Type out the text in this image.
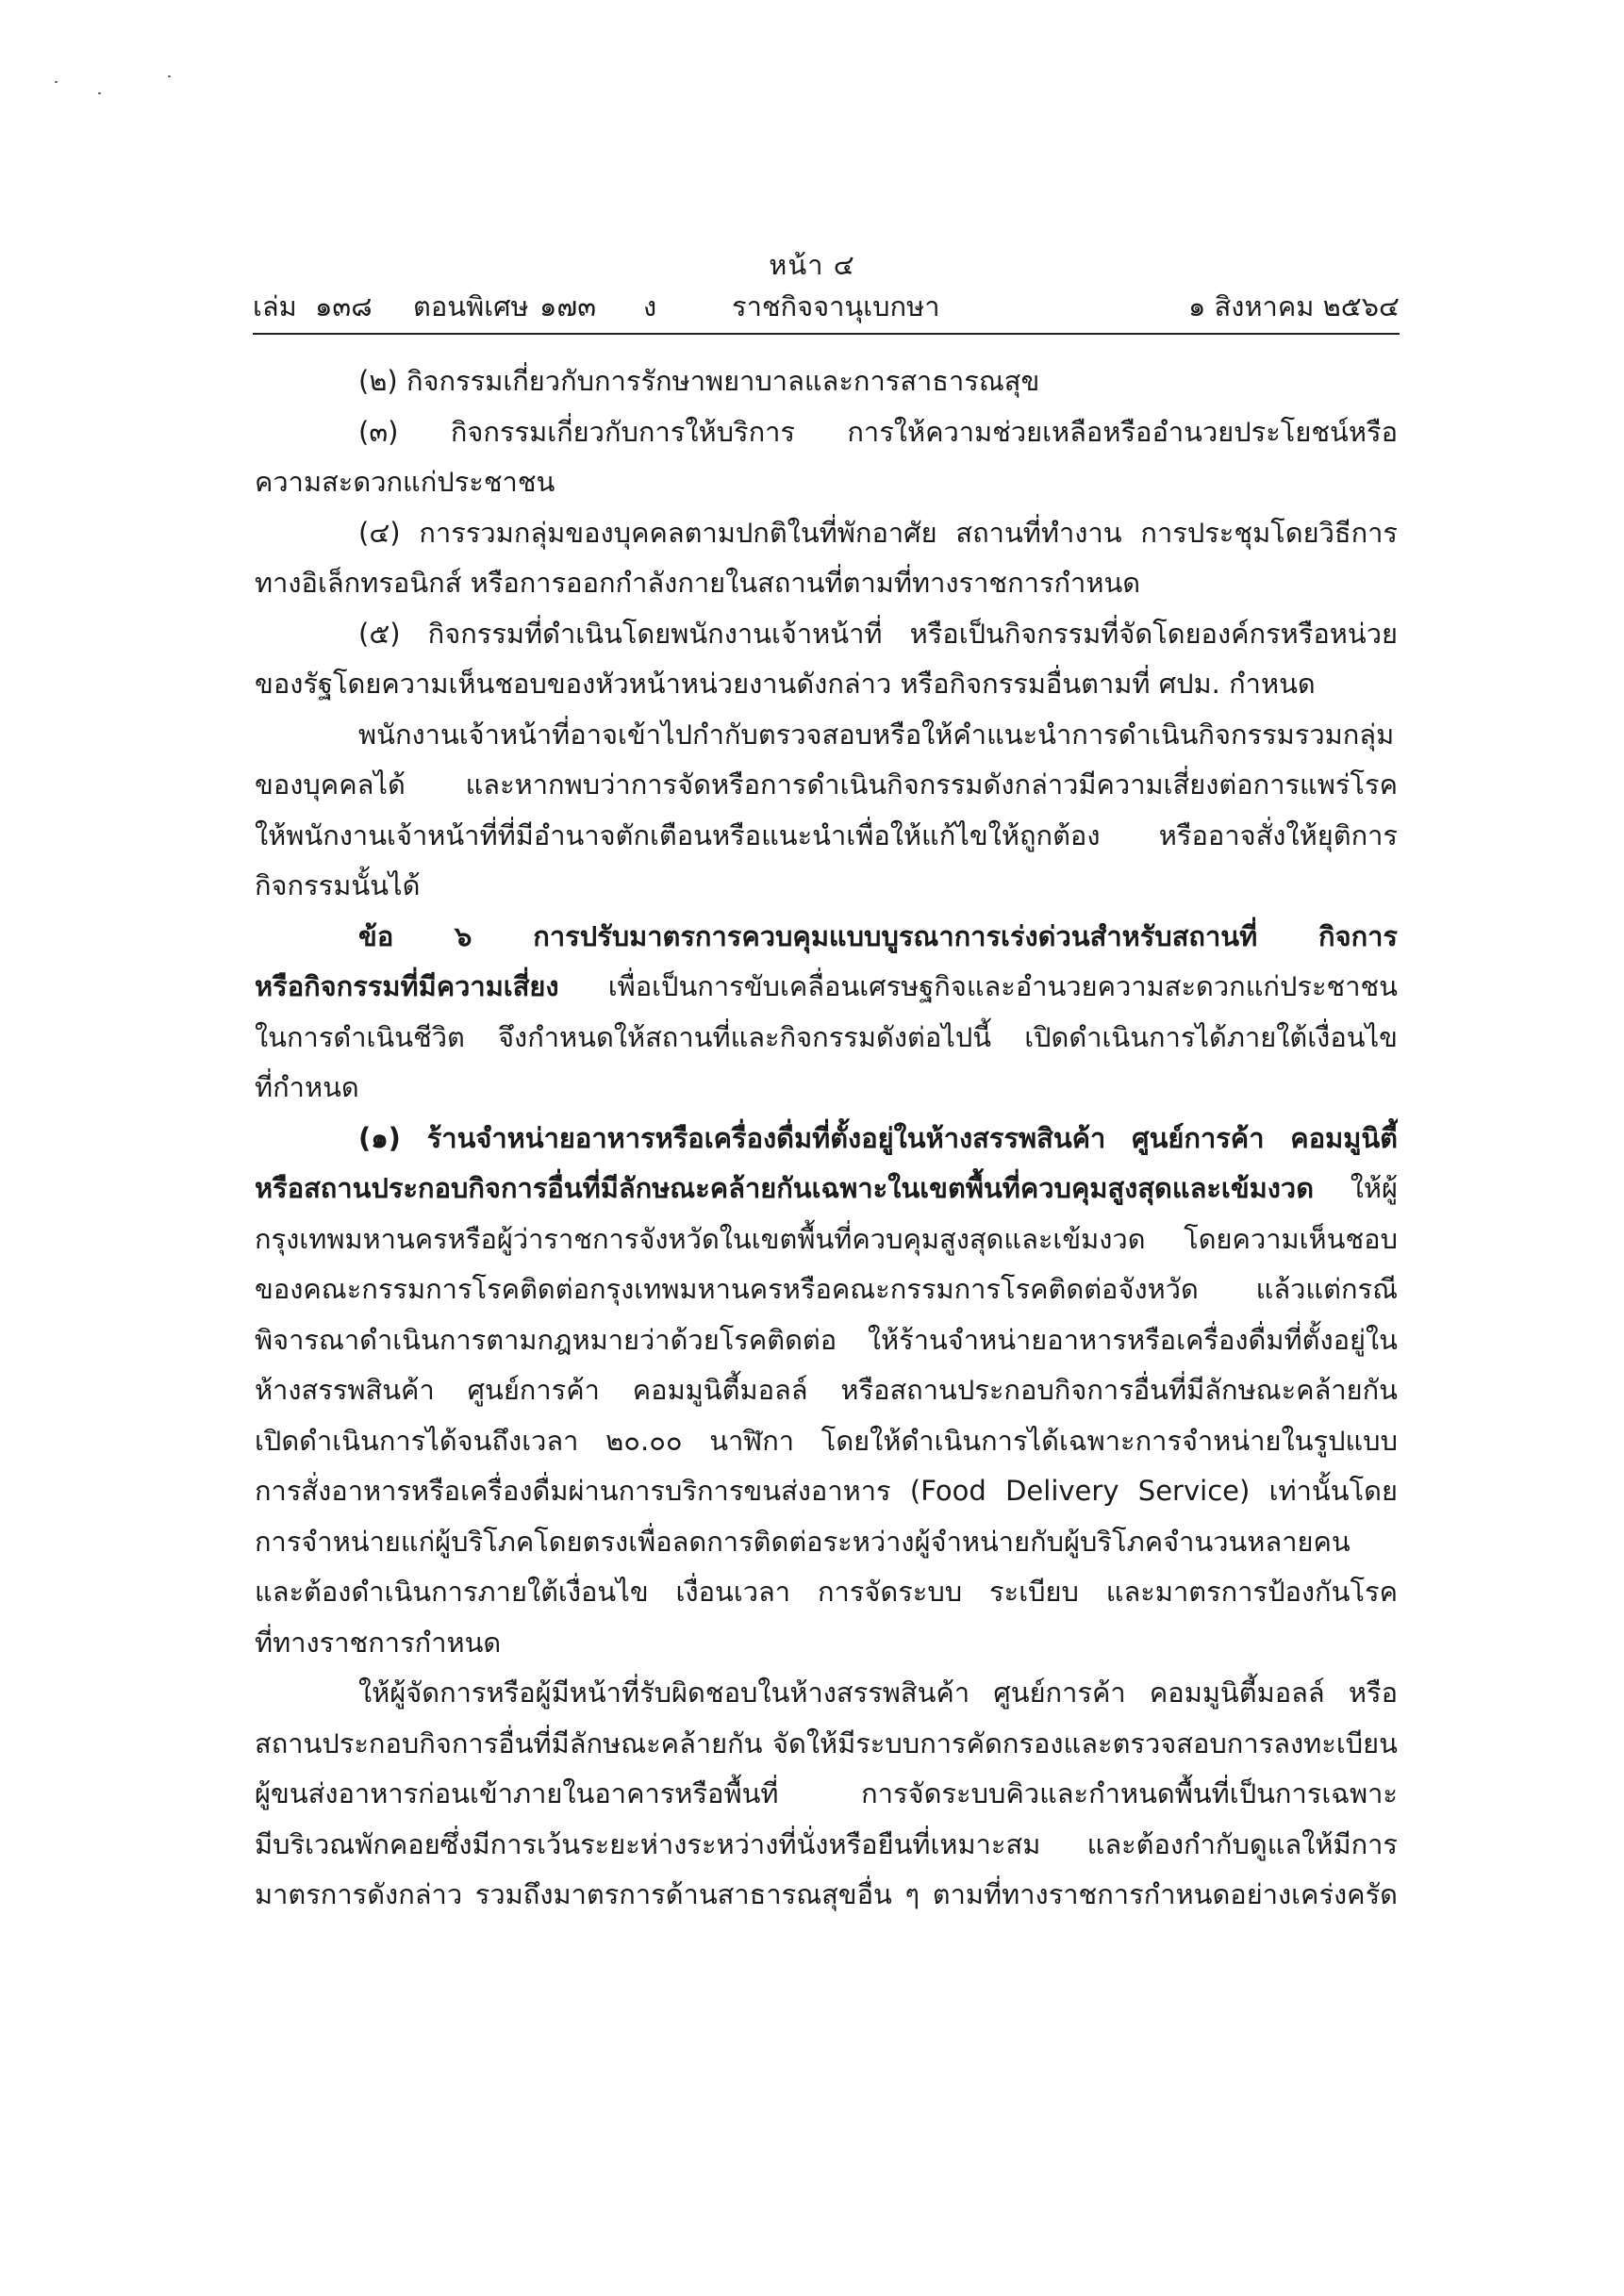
หน้า ๔
เล่ม ๑๓๘ ตอนพิเศษ ๑๗๓ ง	ราชกิจจานุเบกษา	๑ สิงหาคม ๒๕๖๔
(๒) กิจกรรมเกี่ยวกับการรักษาพยาบาลและการสาธารณสุข
(๓) กิจกรรมเกี่ยวกับการให้บริการ การให้ความช่วยเหลือหรืออำนวยประโยชน์หรือ
ความสะดวกแก่ประชาชน
(๔) การรวมกลุ่มของบุคคลตามปกติในที่พักอาศัย สถานที่ทำงาน การประชุมโดยวิธีการ
ทางอิเล็กทรอนิกส์ หรือการออกกำลังกายในสถานที่ตามที่ทางราชการกำหนด
(๕) กิจกรรมที่ดำเนินโดยพนักงานเจ้าหน้าที่ หรือเป็นกิจกรรมที่จัดโดยองค์กรหรือหน่วย
ของรัฐโดยความเห็นชอบของหัวหน้าหน่วยงานดังกล่าว หรือกิจกรรมอื่นตามที่ ศปม. กำหนด
พนักงานเจ้าหน้าที่อาจเข้าไปกำกับตรวจสอบหรือให้คำแนะนำการดำเนินกิจกรรมรวมกลุ่ม
ของบุคคลได้ และหากพบว่าการจัดหรือการดำเนินกิจกรรมดังกล่าวมีความเสี่ยงต่อการแพร่โรค
ให้พนักงานเจ้าหน้าที่ที่มีอำนาจตักเตือนหรือแนะนำเพื่อให้แก้ไขให้ถูกต้อง หรืออาจสั่งให้ยุติการ
กิจกรรมนั้นได้
ข้อ ๖ การปรับมาตรการควบคุมแบบบูรณาการเร่งด่วนสำหรับสถานที่ กิจการ
หรือกิจกรรมที่มีความเสี่ยง เพื่อเป็นการขับเคลื่อนเศรษฐกิจและอำนวยความสะดวกแก่ประชาชน
ในการดำเนินชีวิต จึงกำหนดให้สถานที่และกิจกรรมดังต่อไปนี้ เปิดดำเนินการได้ภายใต้เงื่อนไข
ที่กำหนด
(๑) ร้านจำหน่ายอาหารหรือเครื่องดื่มที่ตั้งอยู่ในห้างสรรพสินค้า ศูนย์การค้า คอมมูนิตี้
หรือสถานประกอบกิจการอื่นที่มีลักษณะคล้ายกันเฉพาะในเขตพื้นที่ควบคุมสูงสุดและเข้มงวด ให้ผู้
กรุงเทพมหานครหรือผู้ว่าราชการจังหวัดในเขตพื้นที่ควบคุมสูงสุดและเข้มงวด โดยความเห็นชอบ
ของคณะกรรมการโรคติดต่อกรุงเทพมหานครหรือคณะกรรมการโรคติดต่อจังหวัด แล้วแต่กรณี
พิจารณาดำเนินการตามกฎหมายว่าด้วยโรคติดต่อ ให้ร้านจำหน่ายอาหารหรือเครื่องดื่มที่ตั้งอยู่ใน
ห้างสรรพสินค้า ศูนย์การค้า คอมมูนิตี้มอลล์ หรือสถานประกอบกิจการอื่นที่มีลักษณะคล้ายกัน
เปิดดำเนินการได้จนถึงเวลา ๒๐.๐๐ นาฬิกา โดยให้ดำเนินการได้เฉพาะการจำหน่ายในรูปแบบ
การสั่งอาหารหรือเครื่องดื่มผ่านการบริการขนส่งอาหาร (Food Delivery Service) เท่านั้นโดย
การจำหน่ายแก่ผู้บริโภคโดยตรงเพื่อลดการติดต่อระหว่างผู้จำหน่ายกับผู้บริโภคจำนวนหลายคน
และต้องดำเนินการภายใต้เงื่อนไข เงื่อนเวลา การจัดระบบ ระเบียบ และมาตรการป้องกันโรค
ที่ทางราชการกำหนด
ให้ผู้จัดการหรือผู้มีหน้าที่รับผิดชอบในห้างสรรพสินค้า ศูนย์การค้า คอมมูนิตี้มอลล์ หรือ
สถานประกอบกิจการอื่นที่มีลักษณะคล้ายกัน จัดให้มีระบบการคัดกรองและตรวจสอบการลงทะเบียน
ผู้ขนส่งอาหารก่อนเข้าภายในอาคารหรือพื้นที่ การจัดระบบคิวและกำหนดพื้นที่เป็นการเฉพาะ
มีบริเวณพักคอยซึ่งมีการเว้นระยะห่างระหว่างที่นั่งหรือยืนที่เหมาะสม และต้องกำกับดูแลให้มีการ
มาตรการดังกล่าว รวมถึงมาตรการด้านสาธารณสุขอื่น ๆ ตามที่ทางราชการกำหนดอย่างเคร่งครัด
